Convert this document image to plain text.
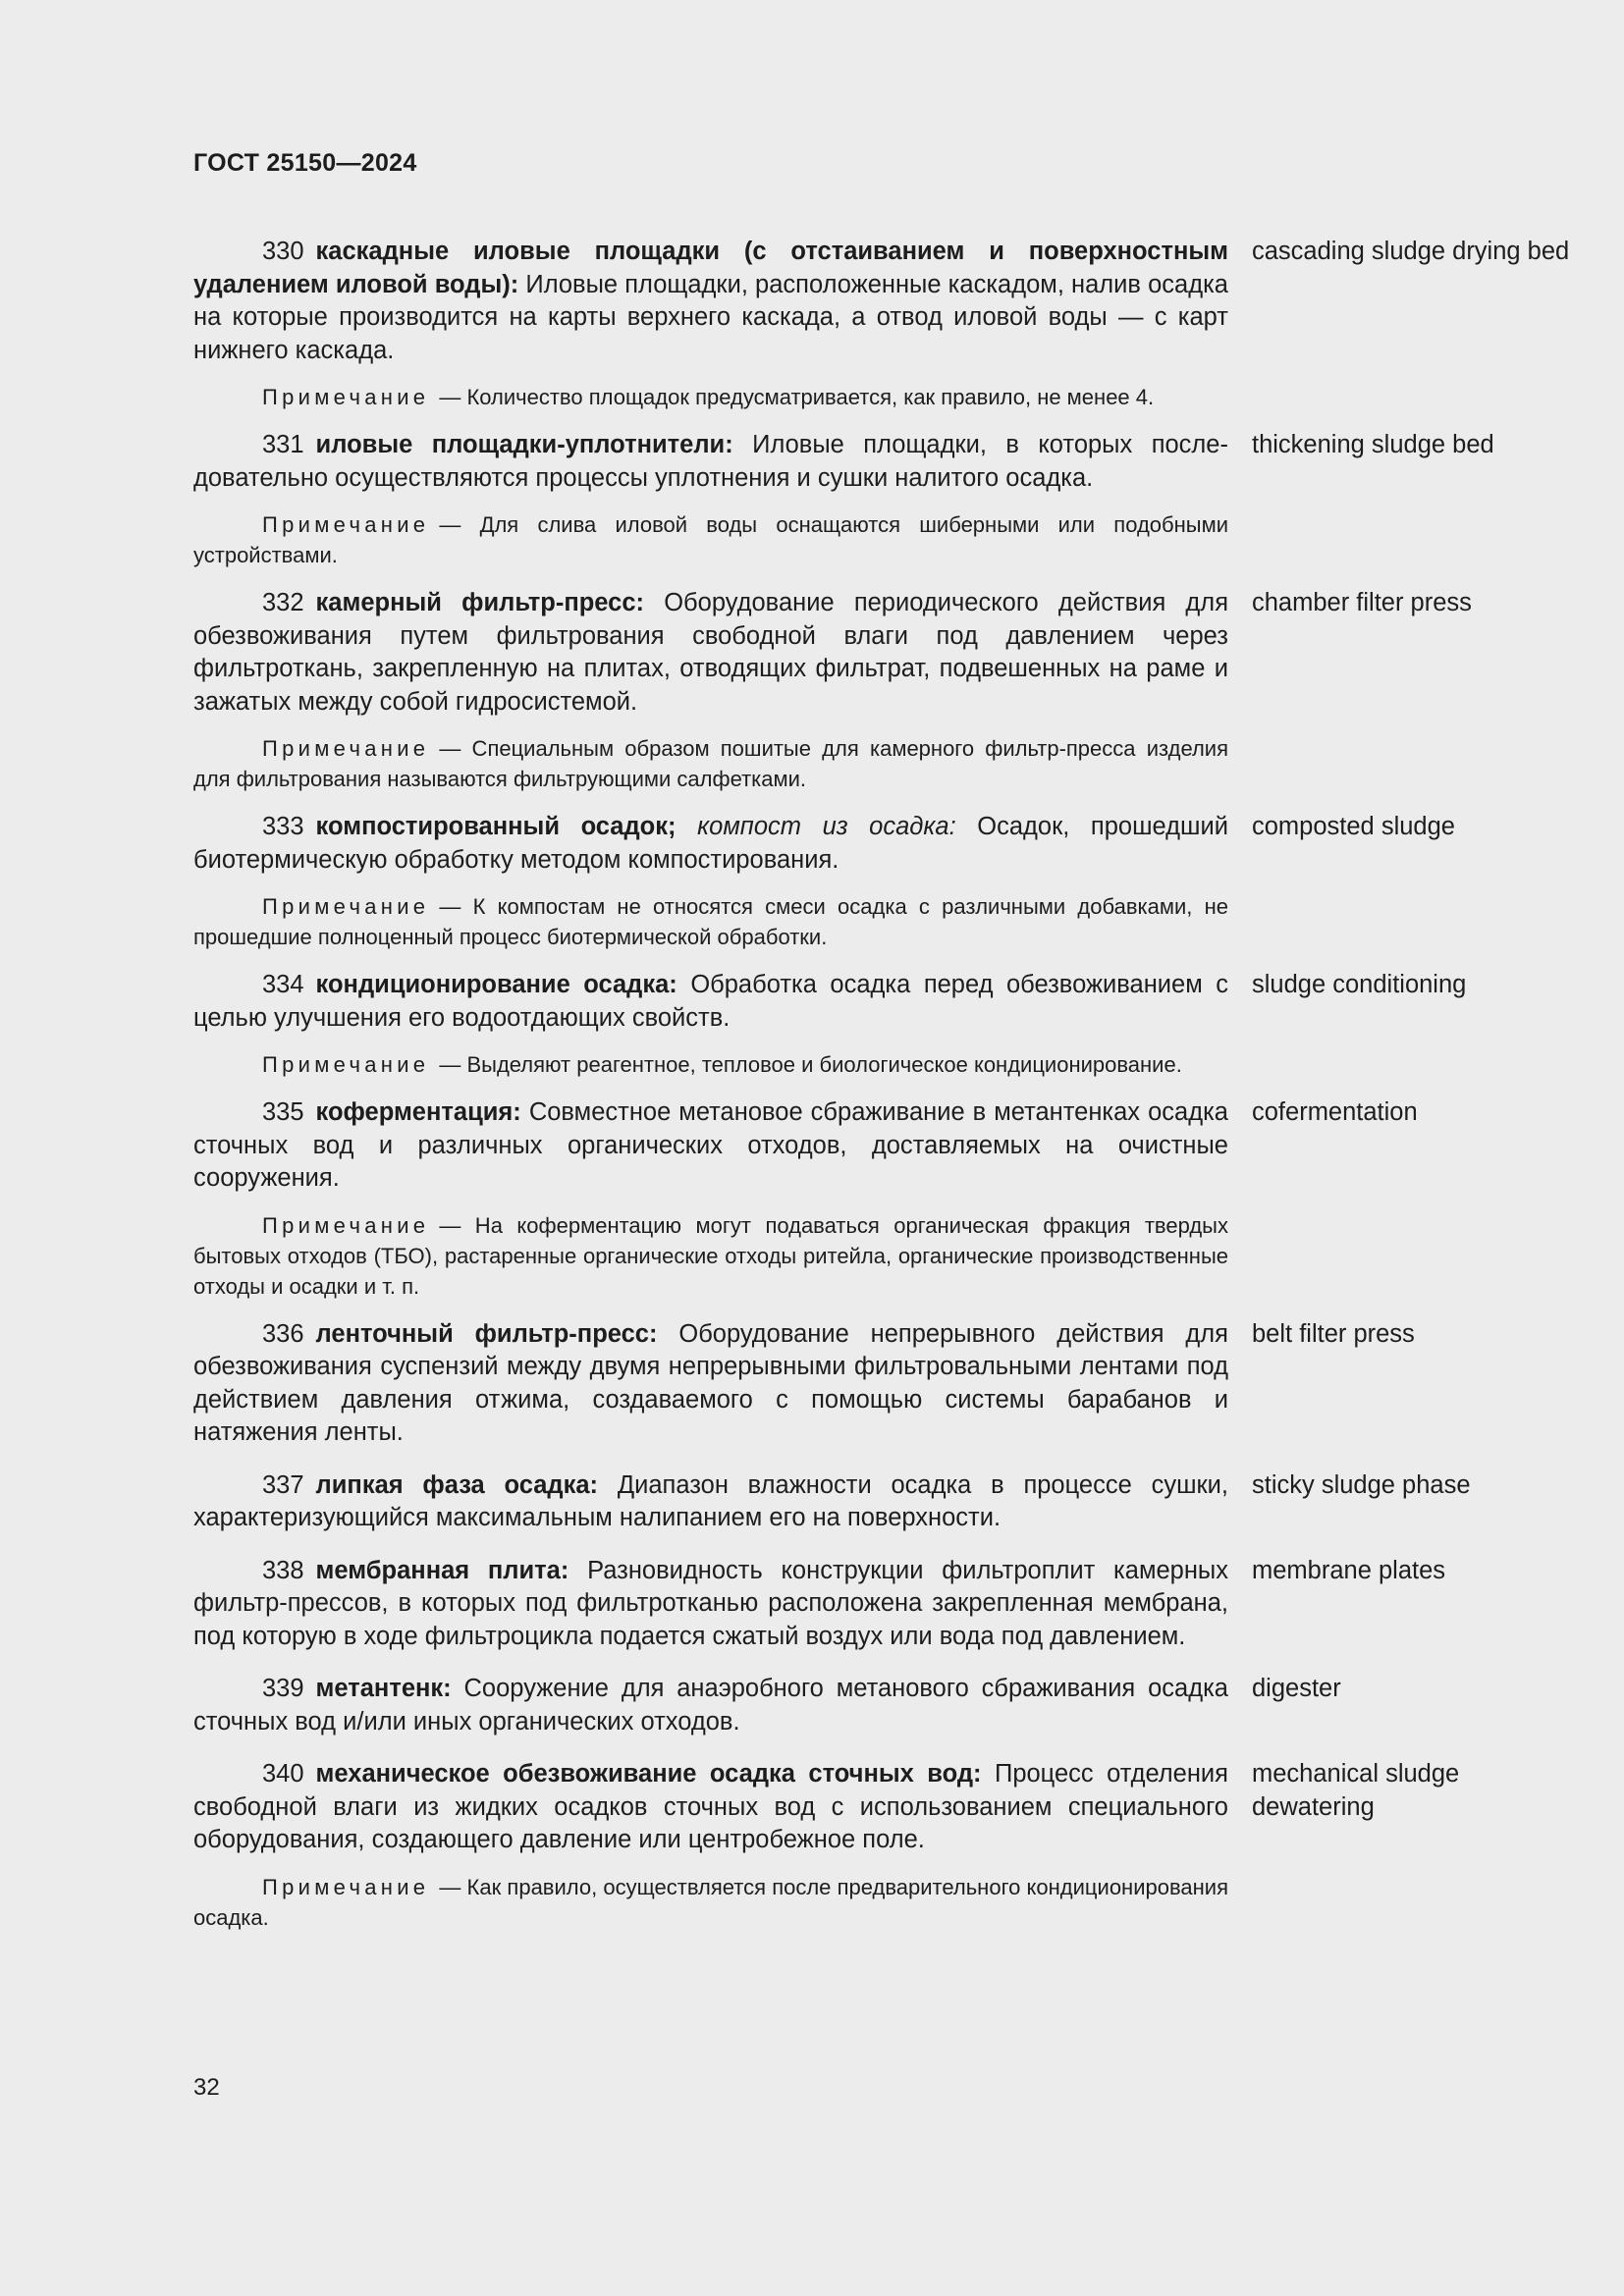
ГОСТ 25150—2024

330 каскадные иловые площадки (с отстаиванием и поверхностным удалением иловой воды): Иловые площадки, расположенные каскадом, налив осадка на которые производится на карты верхнего каскада, а отвод иловой воды — с карт нижнего каскада.

Примечание — Количество площадок предусматривается, как правило, не менее 4.

cascading sludge drying bed

331 иловые площадки-уплотнители: Иловые площадки, в которых последовательно осуществляются процессы уплотнения и сушки налитого осадка.

Примечание — Для слива иловой воды оснащаются шиберными или подобными устройствами.

thickening sludge bed

332 камерный фильтр-пресс: Оборудование периодического действия для обезвоживания путем фильтрования свободной влаги под давлением через фильтроткань, закрепленную на плитах, отводящих фильтрат, подвешенных на раме и зажатых между собой гидросистемой.

Примечание — Специальным образом пошитые для камерного фильтр-пресса изделия для фильтрования называются фильтрующими салфетками.

chamber filter press

333 компостированный осадок; компост из осадка: Осадок, прошедший биотермическую обработку методом компостирования.

Примечание — К компостам не относятся смеси осадка с различными добавками, не прошедшие полноценный процесс биотермической обработки.

composted sludge

334 кондиционирование осадка: Обработка осадка перед обезвоживанием с целью улучшения его водоотдающих свойств.

Примечание — Выделяют реагентное, тепловое и биологическое кондиционирование.

sludge conditioning

335 коферментация: Совместное метановое сбраживание в метантенках осадка сточных вод и различных органических отходов, доставляемых на очистные сооружения.

Примечание — На коферментацию могут подаваться органическая фракция твердых бытовых отходов (ТБО), растаренные органические отходы ритейла, органические производственные отходы и осадки и т. п.

cofermentation

336 ленточный фильтр-пресс: Оборудование непрерывного действия для обезвоживания суспензий между двумя непрерывными фильтровальными лентами под действием давления отжима, создаваемого с помощью системы барабанов и натяжения ленты.

belt filter press

337 липкая фаза осадка: Диапазон влажности осадка в процессе сушки, характеризующийся максимальным налипанием его на поверхности.

sticky sludge phase

338 мембранная плита: Разновидность конструкции фильтроплит камерных фильтр-прессов, в которых под фильтротканью расположена закрепленная мембрана, под которую в ходе фильтроцикла подается сжатый воздух или вода под давлением.

membrane plates

339 метантенк: Сооружение для анаэробного метанового сбраживания осадка сточных вод и/или иных органических отходов.

digester

340 механическое обезвоживание осадка сточных вод: Процесс отделения свободной влаги из жидких осадков сточных вод с использованием специального оборудования, создающего давление или центробежное поле.

Примечание — Как правило, осуществляется после предварительного кондиционирования осадка.

mechanical sludge dewatering
32
